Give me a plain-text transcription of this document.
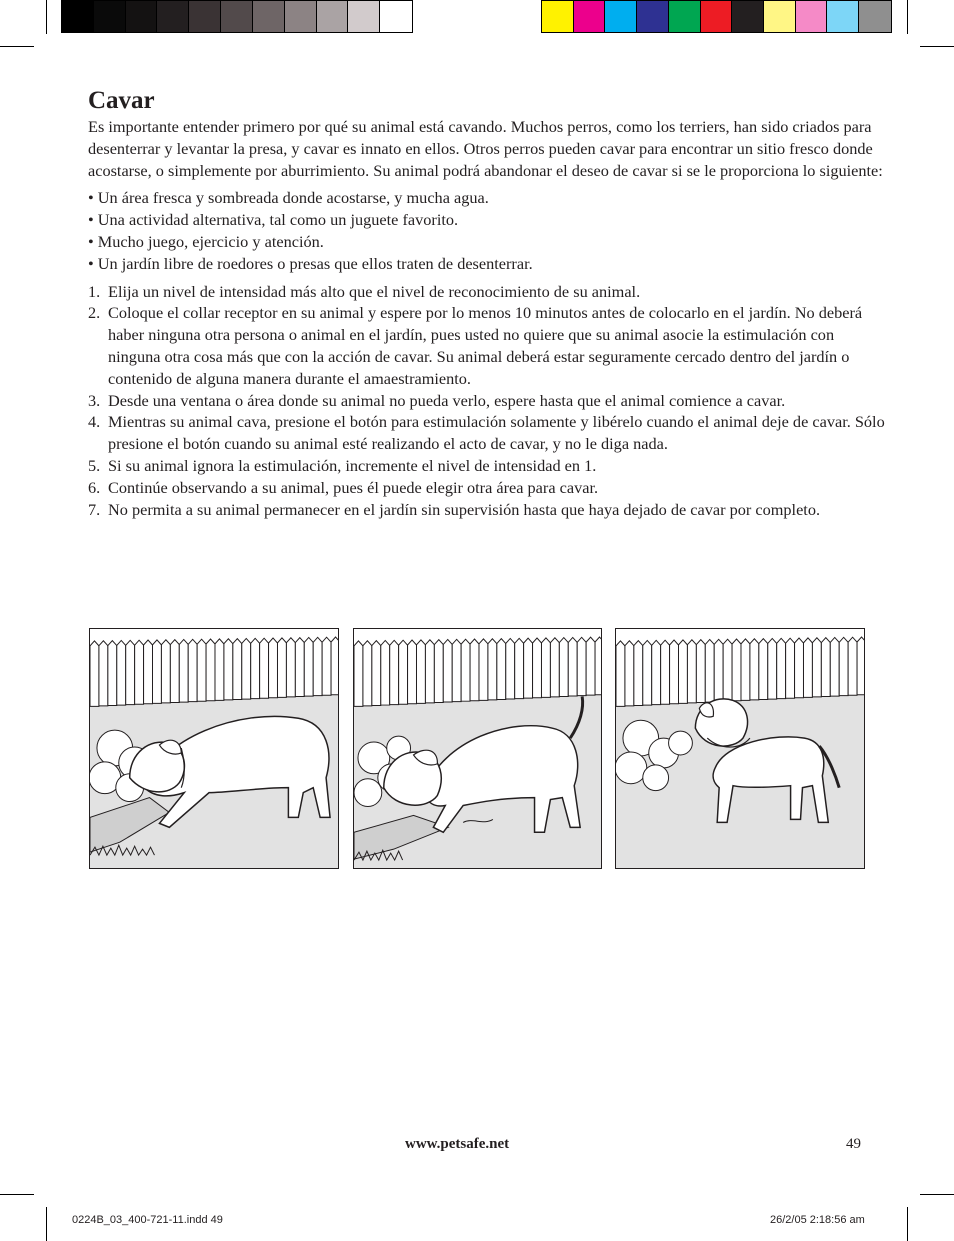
Cavar

Es importante entender primero por qué su animal está cavando. Muchos perros, como los terriers, han sido criados para desenterrar y levantar la presa, y cavar es innato en ellos. Otros perros pueden cavar para encontrar un sitio fresco donde acostarse, o simplemente por aburrimiento. Su animal podrá abandonar el deseo de cavar si se le proporciona lo siguiente:

• Un área fresca y sombreada donde acostarse, y mucha agua.
• Una actividad alternativa, tal como un juguete favorito.
• Mucho juego, ejercicio y atención.
• Un jardín libre de roedores o presas que ellos traten de desenterrar.
1. Elija un nivel de intensidad más alto que el nivel de reconocimiento de su animal.
2. Coloque el collar receptor en su animal y espere por lo menos 10 minutos antes de colocarlo en el jardín. No deberá haber ninguna otra persona o animal en el jardín, pues usted no quiere que su animal asocie la estimulación con ninguna otra cosa más que con la acción de cavar. Su animal deberá estar seguramente cercado dentro del jardín o contenido de alguna manera durante el amaestramiento.
3. Desde una ventana o área donde su animal no pueda verlo, espere hasta que el animal comience a cavar.
4. Mientras su animal cava, presione el botón para estimulación solamente y libérelo cuando el animal deje de cavar. Sólo presione el botón cuando su animal esté realizando el acto de cavar, y no le diga nada.
5. Si su animal ignora la estimulación, incremente el nivel de intensidad en 1.
6. Continúe observando a su animal, pues él puede elegir otra área para cavar.
7. No permita a su animal permanecer en el jardín sin supervisión hasta que haya dejado de cavar por completo.
www.petsafe.net	49
0224B_03_400-721-11.indd 49	26/2/05 2:18:56 am
